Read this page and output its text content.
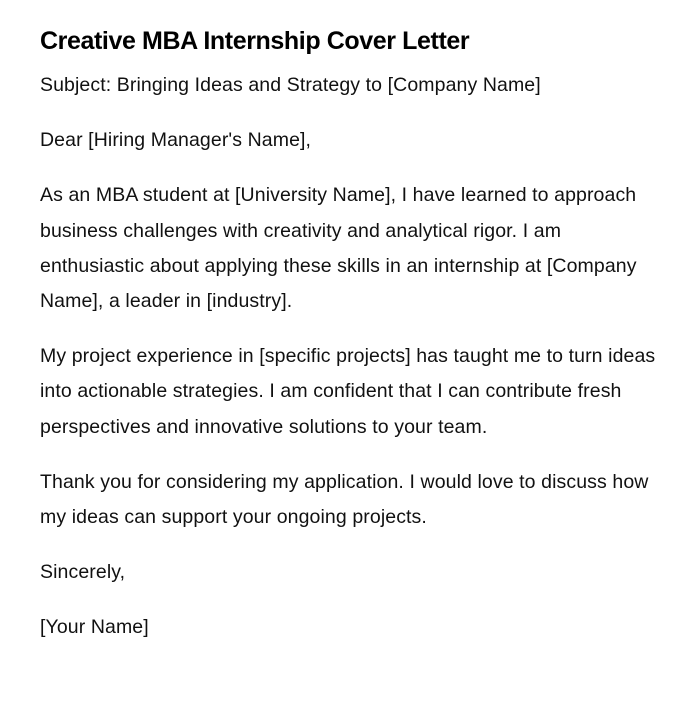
Creative MBA Internship Cover Letter

Subject: Bringing Ideas and Strategy to [Company Name]

Dear [Hiring Manager's Name],

As an MBA student at [University Name], I have learned to approach business challenges with creativity and analytical rigor. I am enthusiastic about applying these skills in an internship at [Company Name], a leader in [industry].

My project experience in [specific projects] has taught me to turn ideas into actionable strategies. I am confident that I can contribute fresh perspectives and innovative solutions to your team.

Thank you for considering my application. I would love to discuss how my ideas can support your ongoing projects.

Sincerely,

[Your Name]
